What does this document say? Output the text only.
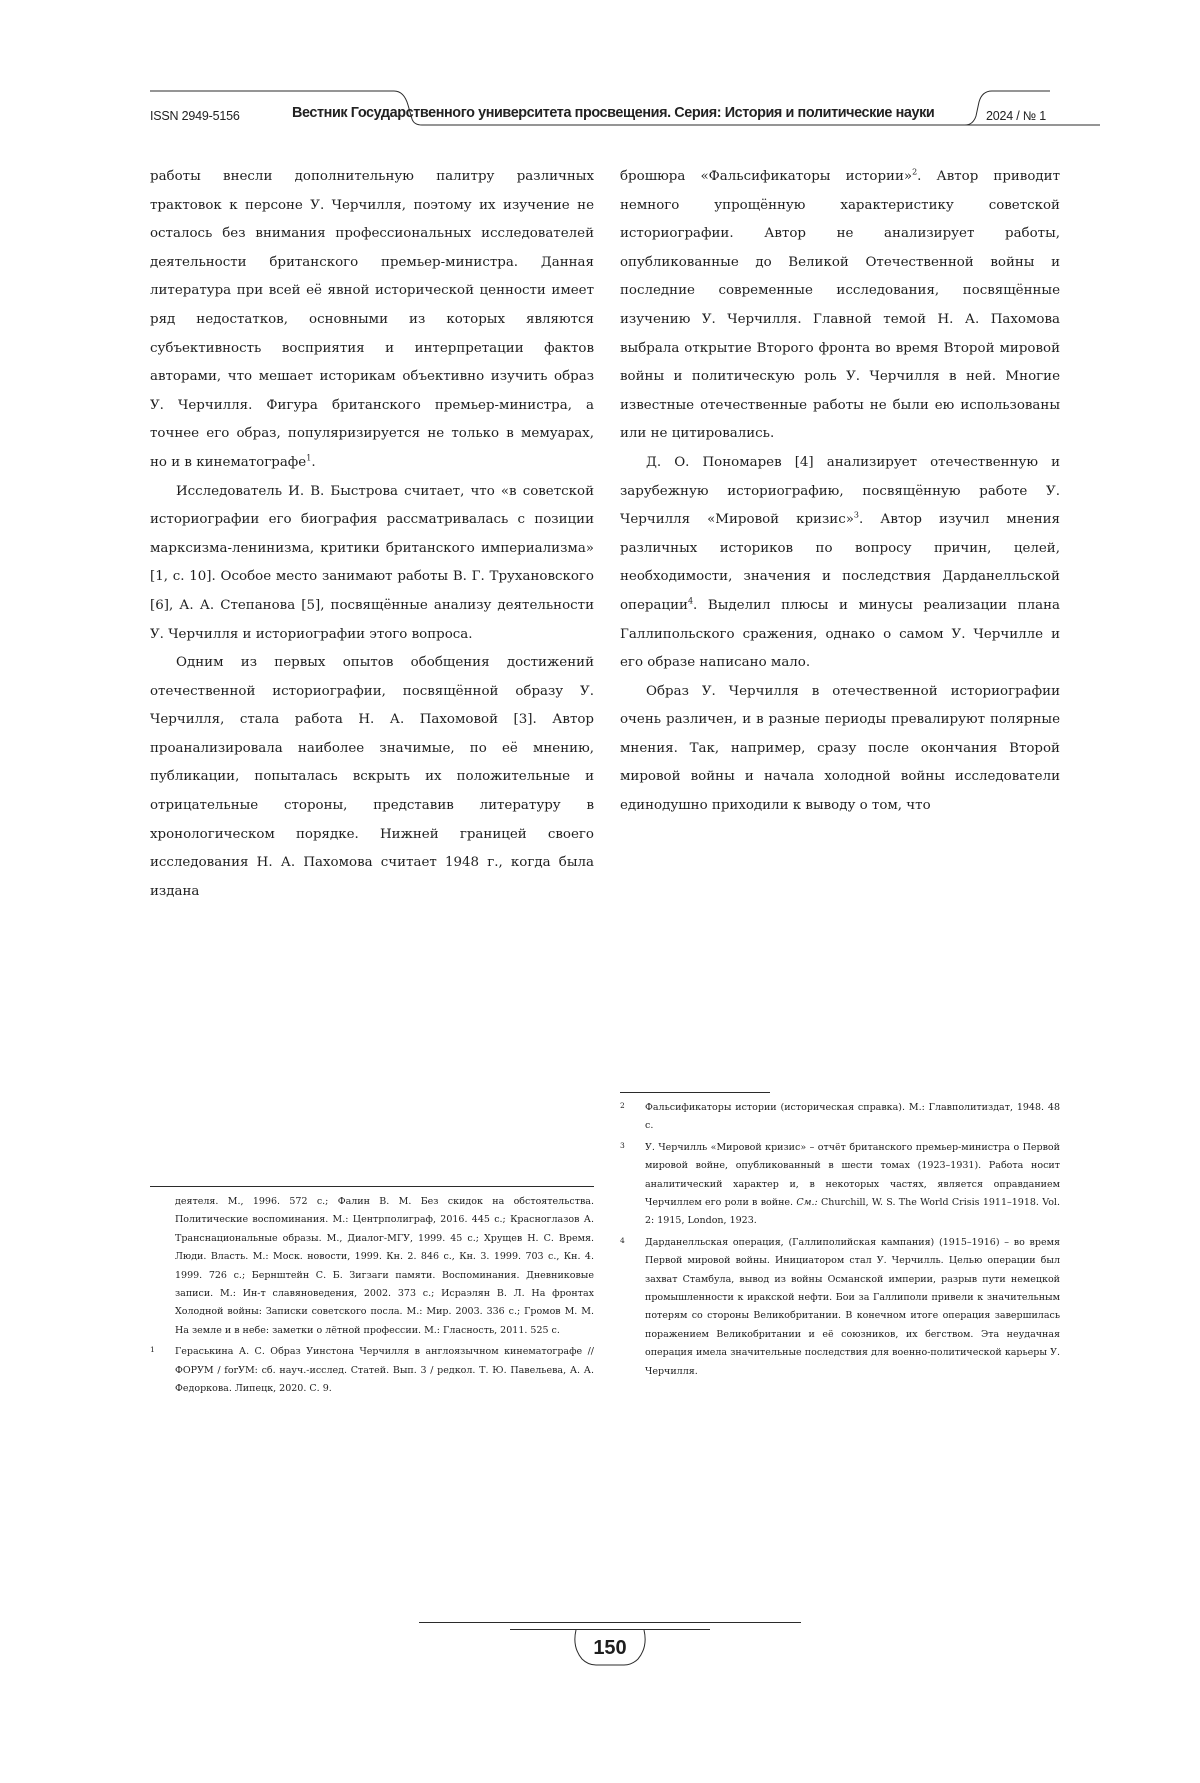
ISSN 2949-5156	Вестник Государственного университета просвещения. Серия: История и политические науки	2024 / № 1

работы внесли дополнительную палитру различных трактовок к персоне У. Черчилля, поэтому их изучение не осталось без внимания профессиональных исследователей деятельности британского премьер-министра. Данная литература при всей её явной исторической ценности имеет ряд недостатков, основными из которых являются субъективность восприятия и интерпретации фактов авторами, что мешает историкам объективно изучить образ У. Черчилля. Фигура британского премьер-министра, а точнее его образ, популяризируется не только в мемуарах, но и в кинематографе$^1$.

Исследователь И. В. Быстрова считает, что «в советской историографии его биография рассматривалась с позиции марксизма-ленинизма, критики британского империализма» [1, с. 10]. Особое место занимают работы В. Г. Трухановского [6], А. А. Степанова [5], посвящённые анализу деятельности У. Черчилля и историографии этого вопроса.

Одним из первых опытов обобщения достижений отечественной историографии, посвящённой образу У. Черчилля, стала работа Н. А. Пахомовой [3]. Автор проанализировала наиболее значимые, по её мнению, публикации, попыталась вскрыть их положительные и отрицательные стороны, представив литературу в хронологическом порядке. Нижней границей своего исследования Н. А. Пахомова считает 1948 г., когда была издана

брошюра «Фальсификаторы истории»$^2$. Автор приводит немного упрощённую характеристику советской историографии. Автор не анализирует работы, опубликованные до Великой Отечественной войны и последние современные исследования, посвящённые изучению У. Черчилля. Главной темой Н. А. Пахомова выбрала открытие Второго фронта во время Второй мировой войны и политическую роль У. Черчилля в ней. Многие известные отечественные работы не были ею использованы или не цитировались.

Д. О. Пономарев [4] анализирует отечественную и зарубежную историографию, посвящённую работе У. Черчилля «Мировой кризис»$^3$. Автор изучил мнения различных историков по вопросу причин, целей, необходимости, значения и последствия Дарданелльской операции$^4$. Выделил плюсы и минусы реализации плана Галлипольского сражения, однако о самом У. Черчилле и его образе написано мало.

Образ У. Черчилля в отечественной историографии очень различен, и в разные периоды превалируют полярные мнения. Так, например, сразу после окончания Второй мировой войны и начала холодной войны исследователи единодушно приходили к выводу о том, что

деятеля. М., 1996. 572 с.; Фалин В. М. Без скидок на обстоятельства. Политические воспоминания. М.: Центрполиграф, 2016. 445 с.; Красноглазов А. Транснациональные образы. М., Диалог-МГУ, 1999. 45 с.; Хрущев Н. С. Время. Люди. Власть. М.: Моск. новости, 1999. Кн. 2. 846 с., Кн. 3. 1999. 703 с., Кн. 4. 1999. 726 с.; Бернштейн С. Б. Зигзаги памяти. Воспоминания. Дневниковые записи. М.: Ин-т славяноведения, 2002. 373 с.; Исраэлян В. Л. На фронтах Холодной войны: Записки советского посла. М.: Мир. 2003. 336 с.; Громов М. М. На земле и в небе: заметки о лётной профессии. М.: Гласность, 2011. 525 с.
1 Гераськина А. С. Образ Уинстона Черчилля в англоязычном кинематографе // ФОРУМ / forУМ: сб. науч.-исслед. Статей. Вып. 3 / редкол. Т. Ю. Павельева, А. А. Федоркова. Липецк, 2020. С. 9.
2 Фальсификаторы истории (историческая справка). М.: Главполитиздат, 1948. 48 с.
3 У. Черчилль «Мировой кризис» – отчёт британского премьер-министра о Первой мировой войне, опубликованный в шести томах (1923–1931). Работа носит аналитический характер и, в некоторых частях, является оправданием Черчиллем его роли в войне. См.: Churchill, W. S. The World Crisis 1911–1918. Vol. 2: 1915, London, 1923.
4 Дарданелльская операция, (Галлиполийская кампания) (1915–1916) – во время Первой мировой войны. Инициатором стал У. Черчилль. Целью операции был захват Стамбула, вывод из войны Османской империи, разрыв пути немецкой промышленности к иракской нефти. Бои за Галлиполи привели к значительным потерям со стороны Великобритании. В конечном итоге операция завершилась поражением Великобритании и её союзников, их бегством. Эта неудачная операция имела значительные последствия для военно-политической карьеры У. Черчилля.
150
